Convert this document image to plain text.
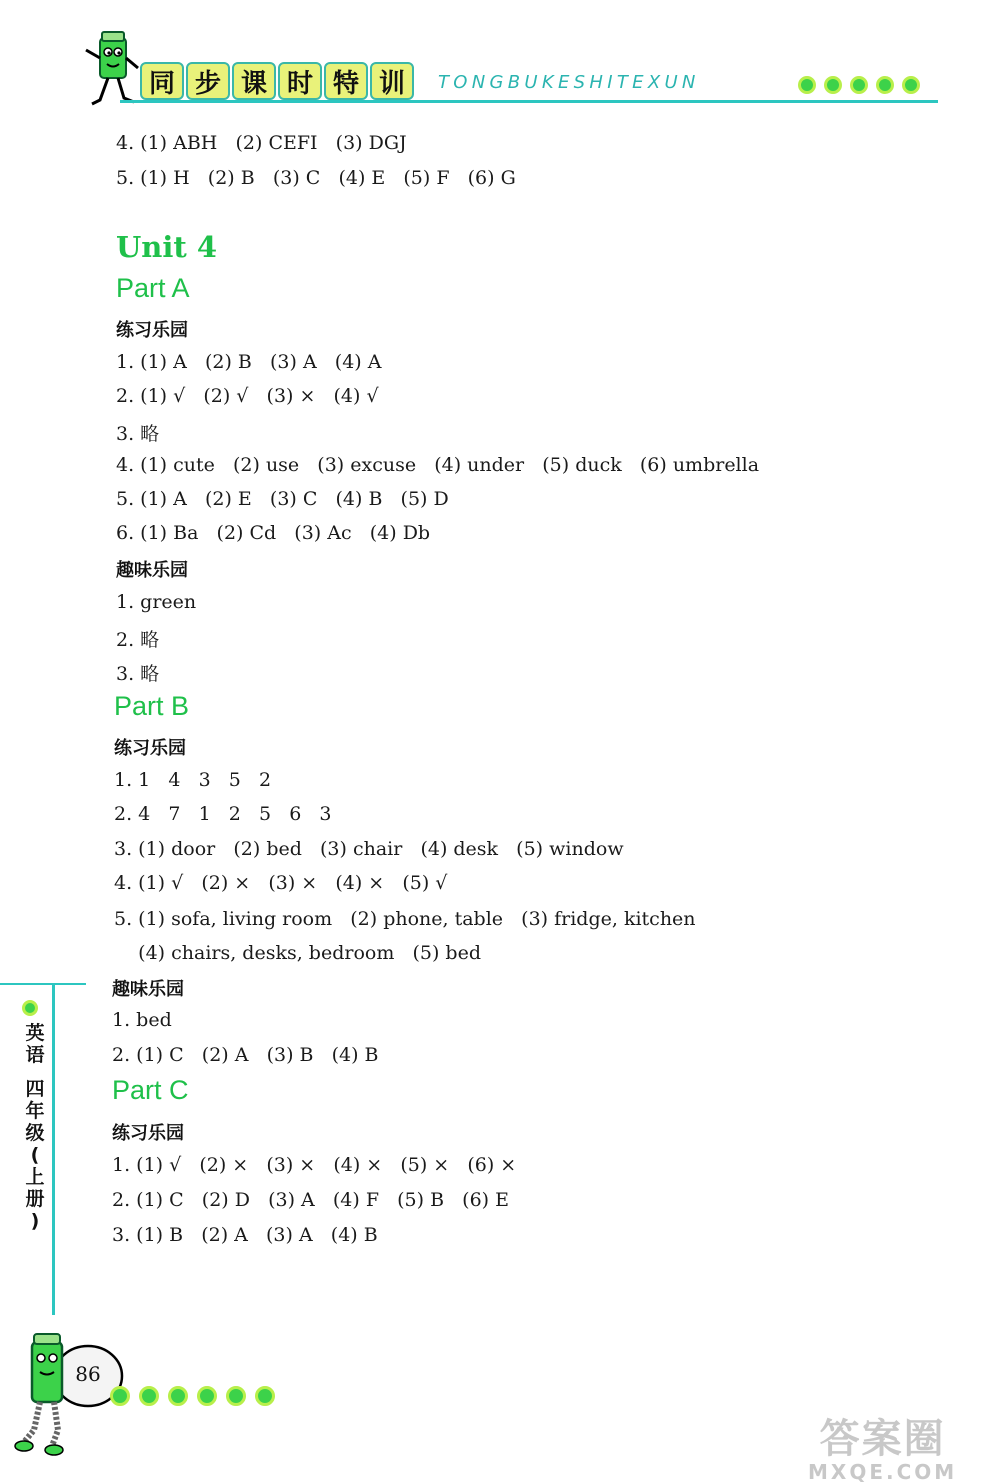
同 步 课 时 特 训	TONGBUKESHITEXUN
4. (1) ABH   (2) CEFI   (3) DGJ
5. (1) H   (2) B   (3) C   (4) E   (5) F   (6) G
Unit 4
Part A
练习乐园
1. (1) A   (2) B   (3) A   (4) A
2. (1) √   (2) √   (3) ×   (4) √
3. 略
4. (1) cute   (2) use   (3) excuse   (4) under   (5) duck   (6) umbrella
5. (1) A   (2) E   (3) C   (4) B   (5) D
6. (1) Ba   (2) Cd   (3) Ac   (4) Db
趣味乐园
1. green
2. 略
3. 略
Part B
练习乐园
1. 1   4   3   5   2
2. 4   7   1   2   5   6   3
3. (1) door   (2) bed   (3) chair   (4) desk   (5) window
4. (1) √   (2) ×   (3) ×   (4) ×   (5) √
5. (1) sofa, living room   (2) phone, table   (3) fridge, kitchen
(4) chairs, desks, bedroom   (5) bed
趣味乐园
1. bed
2. (1) C   (2) A   (3) B   (4) B
Part C
练习乐园
1. (1) √   (2) ×   (3) ×   (4) ×   (5) ×   (6) ×
2. (1) C   (2) D   (3) A   (4) F   (5) B   (6) E
3. (1) B   (2) A   (3) A   (4) B
英
语
四
年
级
(
上
册
)
86
答案圈
MXQE.COM
